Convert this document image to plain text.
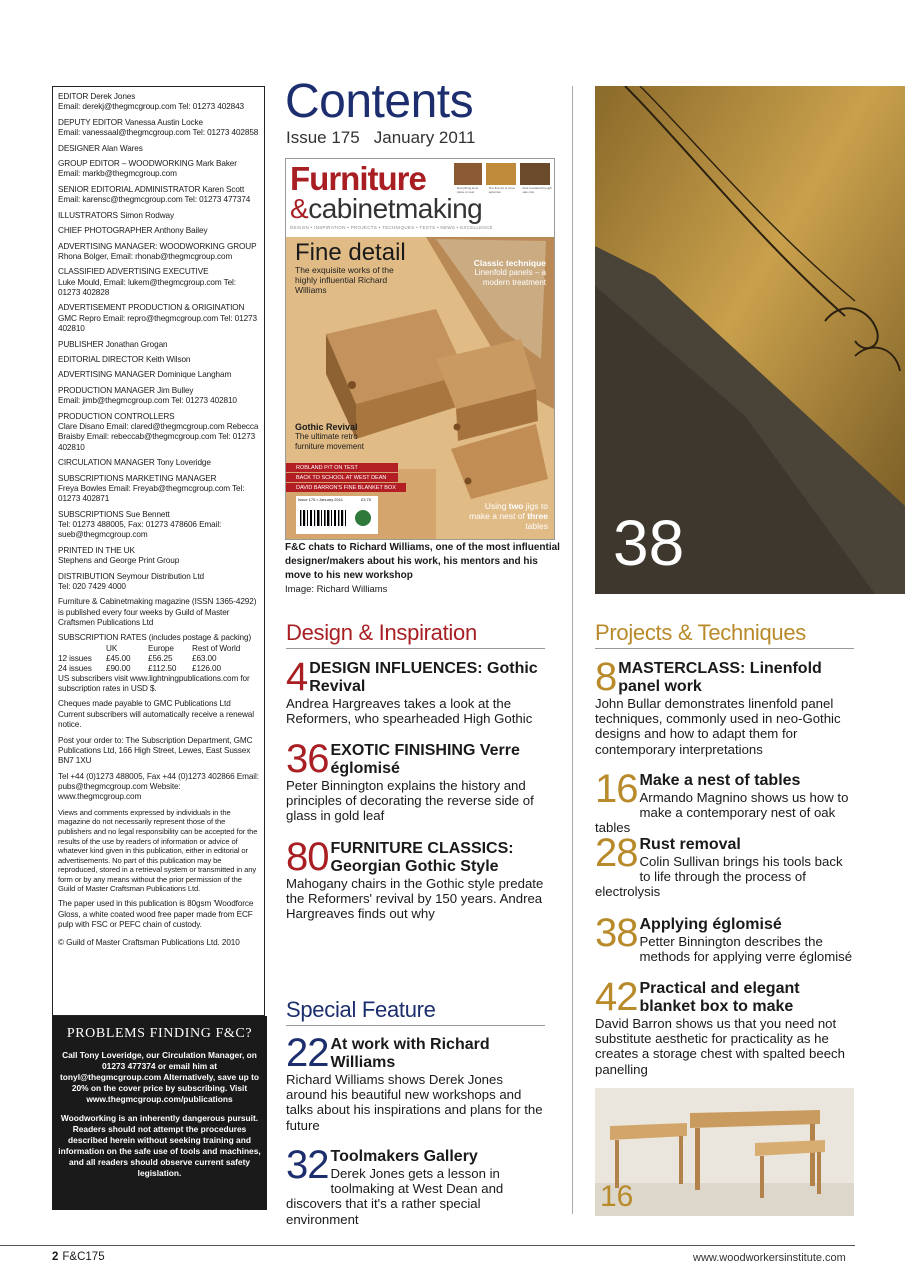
EDITOR Derek Jones
Email: derekj@thegmcgroup.com Tel: 01273 402843

DEPUTY EDITOR Vanessa Austin Locke
Email: vanessaal@thegmcgroup.com Tel: 01273 402858

DESIGNER Alan Wares

GROUP EDITOR – WOODWORKING Mark Baker
Email: markb@thegmcgroup.com

SENIOR EDITORIAL ADMINISTRATOR Karen Scott
Email: karensc@thegmcgroup.com Tel: 01273 477374

ILLUSTRATORS Simon Rodway

CHIEF PHOTOGRAPHER Anthony Bailey

ADVERTISING MANAGER: WOODWORKING GROUP
Rhona Bolger, Email: rhonab@thegmcgroup.com

CLASSIFIED ADVERTISING EXECUTIVE
Luke Mould, Email: lukem@thegmcgroup.com Tel: 01273 402828

ADVERTISEMENT PRODUCTION & ORIGINATION
GMC Repro Email: repro@thegmcgroup.com Tel: 01273 402810

PUBLISHER Jonathan Grogan

EDITORIAL DIRECTOR Keith Wilson

ADVERTISING MANAGER Dominique Langham

PRODUCTION MANAGER Jim Bulley
Email: jimb@thegmcgroup.com Tel: 01273 402810

PRODUCTION CONTROLLERS
Clare Disano Email: clared@thegmcgroup.com Rebecca Braisby Email: rebeccab@thegmcgroup.com Tel: 01273 402810

CIRCULATION MANAGER Tony Loveridge

SUBSCRIPTIONS MARKETING MANAGER
Freya Bowles Email: Freyab@thegmcgroup.com Tel: 01273 402871

SUBSCRIPTIONS Sue Bennett
Tel: 01273 488005, Fax: 01273 478606 Email: sueb@thegmcgroup.com

PRINTED IN THE UK
Stephens and George Print Group

DISTRIBUTION Seymour Distribution Ltd
Tel: 020 7429 4000

Furniture & Cabinetmaking magazine (ISSN 1365-4292) is published every four weeks by Guild of Master Craftsmen Publications Ltd

SUBSCRIPTION RATES (includes postage & packing)

	UK	Europe	Rest of World
12 issues	£45.00	£56.25	£63.00
24 issues	£90.00	£112.50	£126.00

US subscribers visit www.lightningpublications.com for subscription rates in USD $.

Cheques made payable to GMC Publications Ltd Current subscribers will automatically receive a renewal notice.

Post your order to: The Subscription Department, GMC Publications Ltd, 166 High Street, Lewes, East Sussex BN7 1XU

Tel +44 (0)1273 488005, Fax +44 (0)1273 402866 Email: pubs@thegmcgroup.com Website: www.thegmcgroup.com

Views and comments expressed by individuals in the magazine do not necessarily represent those of the publishers and no legal responsibility can be accepted for the results of the use by readers of information or advice of whatever kind given in this publication, either in editorial or advertisements. No part of this publication may be reproduced, stored in a retrieval system or transmitted in any form or by any means without the prior permission of the Guild of Master Craftsman Publications Ltd.

The paper used in this publication is 80gsm 'Woodforce Gloss, a white coated wood free paper made from ECF pulp with FSC or PEFC chain of custody.

© Guild of Master Craftsman Publications Ltd. 2010

PROBLEMS FINDING F&C?

Call Tony Loveridge, our Circulation Manager, on 01273 477374 or email him at tonyl@thegmcgroup.com Alternatively, save up to 20% on the cover price by subscribing. Visit www.thegmcgroup.com/publications

Woodworking is an inherently dangerous pursuit. Readers should not attempt the procedures described herein without seeking training and information on the safe use of tools and machines, and all readers should observe current safety legislation.

Contents
Issue 175 January 2011
Furniture
&cabinetmaking
DESIGN • INSPIRATION • PROJECTS • TECHNIQUES • TESTS • NEWS • EXCELLENCE
Everything level plane on test
The fine art of verre églomisé
Soul revealed through saw cuts
Fine detail
The exquisite works of the highly influential Richard Williams
Classic technique
Linenfold panels – a modern treatment
Gothic Revival
The ultimate retro furniture movement
ROBLAND P/T ON TEST
BACK TO SCHOOL AT WEST DEAN
DAVID BARRON'S FINE BLANKET BOX
Issue 175 • January 2011	£3.75
Using two jigs to make a nest of three tables
F&C chats to Richard Williams, one of the most influential designer/makers about his work, his mentors and his move to his new workshop
Image: Richard Williams
Design & Inspiration
4 DESIGN INFLUENCES: Gothic Revival
Andrea Hargreaves takes a look at the Reformers, who spearheaded High Gothic
36 EXOTIC FINISHING Verre églomisé
Peter Binnington explains the history and principles of decorating the reverse side of glass in gold leaf
80 FURNITURE CLASSICS: Georgian Gothic Style
Mahogany chairs in the Gothic style predate the Reformers' revival by 150 years. Andrea Hargreaves finds out why
Special Feature
22 At work with Richard Williams
Richard Williams shows Derek Jones around his beautiful new workshops and talks about his inspirations and plans for the future
32 Toolmakers Gallery
Derek Jones gets a lesson in toolmaking at West Dean and discovers that it's a rather special environment
38
16
Projects & Techniques
8 MASTERCLASS: Linenfold panel work
John Bullar demonstrates linenfold panel techniques, commonly used in neo-Gothic designs and how to adapt them for contemporary interpretations
16 Make a nest of tables
Armando Magnino shows us how to make a contemporary nest of oak tables
28 Rust removal
Colin Sullivan brings his tools back to life through the process of electrolysis
38 Applying églomisé
Petter Binnington describes the methods for applying verre églomisé
42 Practical and elegant blanket box to make
David Barron shows us that you need not substitute aesthetic for practicality as he creates a storage chest with spalted beech panelling
2 F&C175	www.woodworkersinstitute.com
